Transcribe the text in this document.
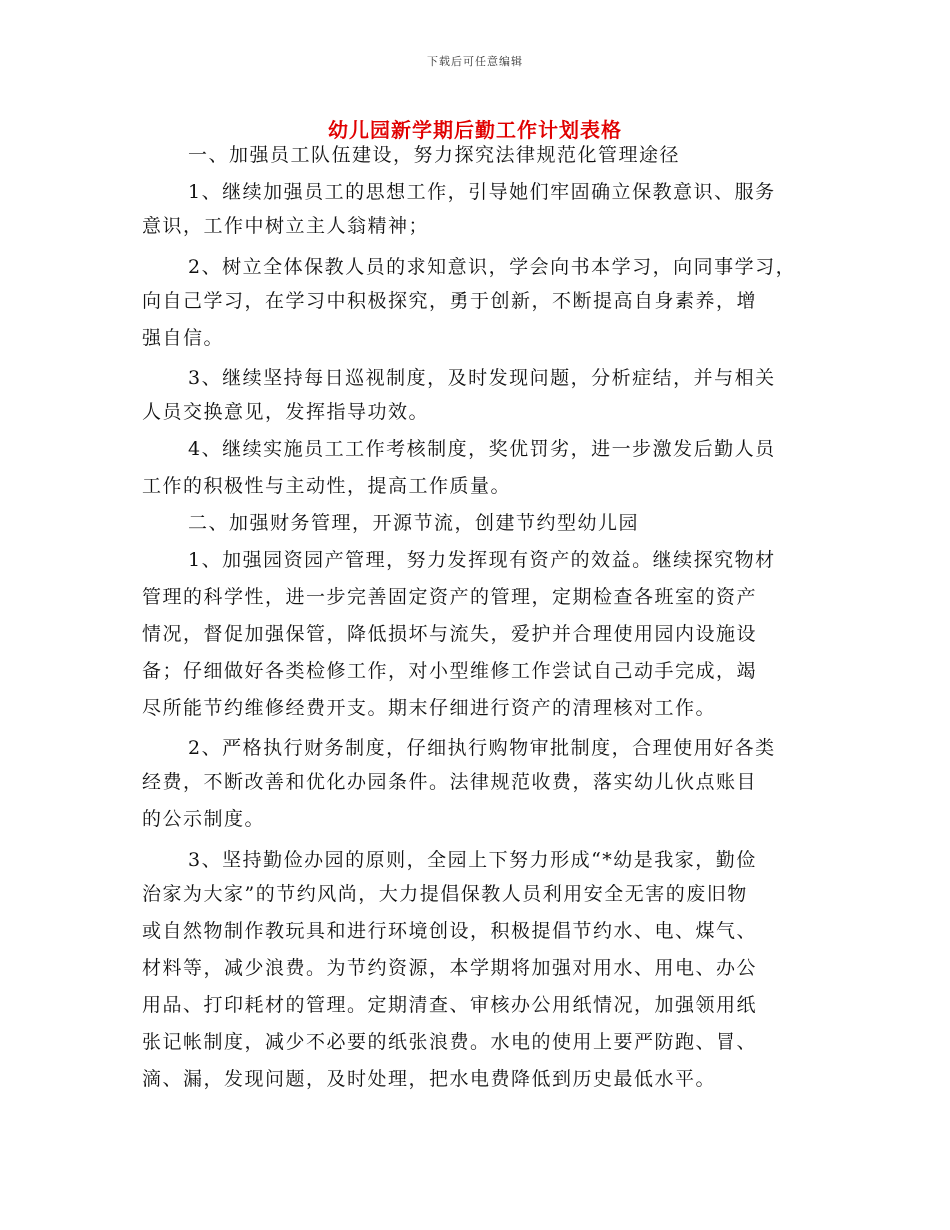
下载后可任意编辑
幼儿园新学期后勤工作计划表格
一、加强员工队伍建设，努力探究法律规范化管理途径
1、继续加强员工的思想工作，引导她们牢固确立保教意识、服务
意识，工作中树立主人翁精神；
2、树立全体保教人员的求知意识，学会向书本学习，向同事学习，
向自己学习，在学习中积极探究，勇于创新，不断提高自身素养，增
强自信。
3、继续坚持每日巡视制度，及时发现问题，分析症结，并与相关
人员交换意见，发挥指导功效。
4、继续实施员工工作考核制度，奖优罚劣，进一步激发后勤人员
工作的积极性与主动性，提高工作质量。
二、加强财务管理，开源节流，创建节约型幼儿园
1、加强园资园产管理，努力发挥现有资产的效益。继续探究物材
管理的科学性，进一步完善固定资产的管理，定期检查各班室的资产
情况，督促加强保管，降低损坏与流失，爱护并合理使用园内设施设
备；仔细做好各类检修工作，对小型维修工作尝试自己动手完成，竭
尽所能节约维修经费开支。期末仔细进行资产的清理核对工作。
2、严格执行财务制度，仔细执行购物审批制度，合理使用好各类
经费，不断改善和优化办园条件。法律规范收费，落实幼儿伙点账目
的公示制度。
3、坚持勤俭办园的原则，全园上下努力形成“*幼是我家，勤俭
治家为大家”的节约风尚，大力提倡保教人员利用安全无害的废旧物
或自然物制作教玩具和进行环境创设，积极提倡节约水、电、煤气、
材料等，减少浪费。为节约资源，本学期将加强对用水、用电、办公
用品、打印耗材的管理。定期清查、审核办公用纸情况，加强领用纸
张记帐制度，减少不必要的纸张浪费。水电的使用上要严防跑、冒、
滴、漏，发现问题，及时处理，把水电费降低到历史最低水平。
